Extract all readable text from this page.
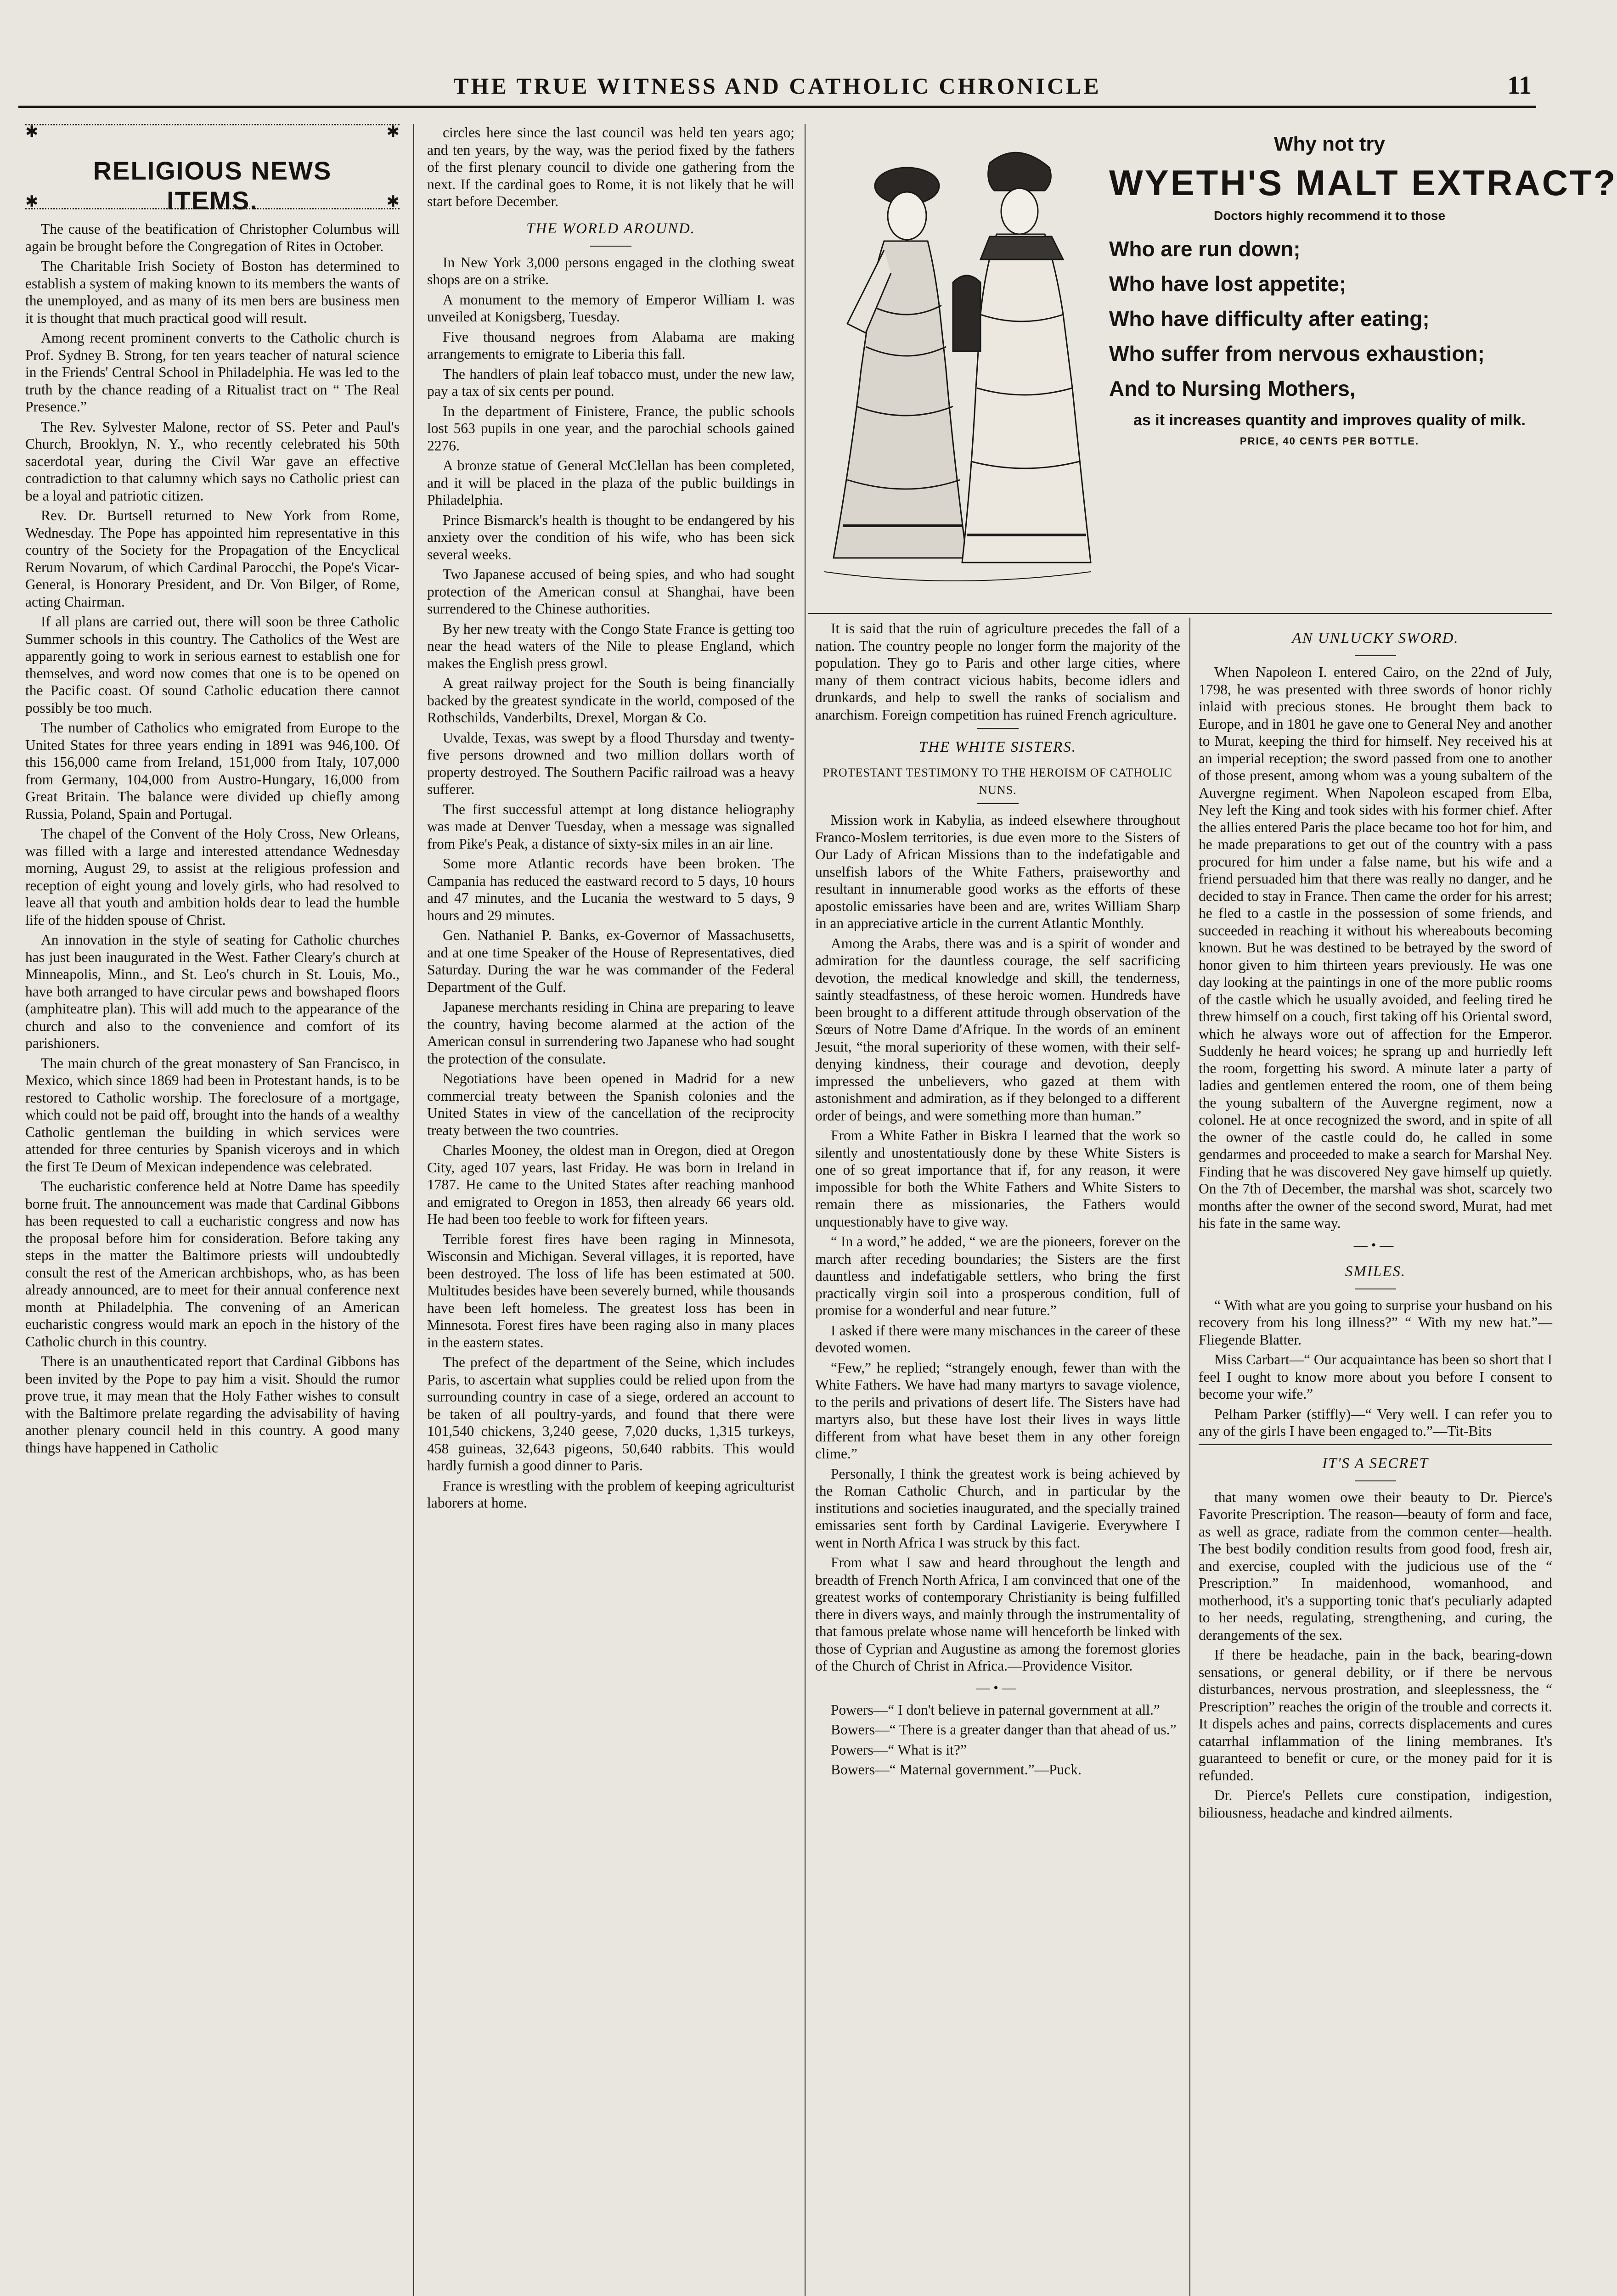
THE TRUE WITNESS AND CATHOLIC CHRONICLE	11
✱	✱
✱	✱
RELIGIOUS NEWS ITEMS.

The cause of the beatification of Christopher Columbus will again be brought before the Congregation of Rites in October.

The Charitable Irish Society of Boston has determined to establish a system of making known to its members the wants of the unemployed, and as many of its men bers are business men it is thought that much practical good will result.

Among recent prominent converts to the Catholic church is Prof. Sydney B. Strong, for ten years teacher of natural science in the Friends' Central School in Philadelphia. He was led to the truth by the chance reading of a Ritualist tract on “ The Real Presence.”

The Rev. Sylvester Malone, rector of SS. Peter and Paul's Church, Brooklyn, N. Y., who recently celebrated his 50th sacerdotal year, during the Civil War gave an effective contradiction to that calumny which says no Catholic priest can be a loyal and patriotic citizen.

Rev. Dr. Burtsell returned to New York from Rome, Wednesday. The Pope has appointed him representative in this country of the Society for the Propagation of the Encyclical Rerum Novarum, of which Cardinal Parocchi, the Pope's Vicar-General, is Honorary President, and Dr. Von Bilger, of Rome, acting Chairman.

If all plans are carried out, there will soon be three Catholic Summer schools in this country. The Catholics of the West are apparently going to work in serious earnest to establish one for themselves, and word now comes that one is to be opened on the Pacific coast. Of sound Catholic education there cannot possibly be too much.

The number of Catholics who emigrated from Europe to the United States for three years ending in 1891 was 946,100. Of this 156,000 came from Ireland, 151,000 from Italy, 107,000 from Germany, 104,000 from Austro-Hungary, 16,000 from Great Britain. The balance were divided up chiefly among Russia, Poland, Spain and Portugal.

The chapel of the Convent of the Holy Cross, New Orleans, was filled with a large and interested attendance Wednesday morning, August 29, to assist at the religious profession and reception of eight young and lovely girls, who had resolved to leave all that youth and ambition holds dear to lead the humble life of the hidden spouse of Christ.

An innovation in the style of seating for Catholic churches has just been inaugurated in the West. Father Cleary's church at Minneapolis, Minn., and St. Leo's church in St. Louis, Mo., have both arranged to have circular pews and bowshaped floors (amphiteatre plan). This will add much to the appearance of the church and also to the convenience and comfort of its parishioners.

The main church of the great monastery of San Francisco, in Mexico, which since 1869 had been in Protestant hands, is to be restored to Catholic worship. The foreclosure of a mortgage, which could not be paid off, brought into the hands of a wealthy Catholic gentleman the building in which services were attended for three centuries by Spanish viceroys and in which the first Te Deum of Mexican independence was celebrated.

The eucharistic conference held at Notre Dame has speedily borne fruit. The announcement was made that Cardinal Gibbons has been requested to call a eucharistic congress and now has the proposal before him for consideration. Before taking any steps in the matter the Baltimore priests will undoubtedly consult the rest of the American archbishops, who, as has been already announced, are to meet for their annual conference next month at Philadelphia. The convening of an American eucharistic congress would mark an epoch in the history of the Catholic church in this country.

There is an unauthenticated report that Cardinal Gibbons has been invited by the Pope to pay him a visit. Should the rumor prove true, it may mean that the Holy Father wishes to consult with the Baltimore prelate regarding the advisability of having another plenary council held in this country. A good many things have happened in Catholic

circles here since the last council was held ten years ago; and ten years, by the way, was the period fixed by the fathers of the first plenary council to divide one gathering from the next. If the cardinal goes to Rome, it is not likely that he will start before December.

THE WORLD AROUND.

In New York 3,000 persons engaged in the clothing sweat shops are on a strike.

A monument to the memory of Emperor William I. was unveiled at Konigsberg, Tuesday.

Five thousand negroes from Alabama are making arrangements to emigrate to Liberia this fall.

The handlers of plain leaf tobacco must, under the new law, pay a tax of six cents per pound.

In the department of Finistere, France, the public schools lost 563 pupils in one year, and the parochial schools gained 2276.

A bronze statue of General McClellan has been completed, and it will be placed in the plaza of the public buildings in Philadelphia.

Prince Bismarck's health is thought to be endangered by his anxiety over the condition of his wife, who has been sick several weeks.

Two Japanese accused of being spies, and who had sought protection of the American consul at Shanghai, have been surrendered to the Chinese authorities.

By her new treaty with the Congo State France is getting too near the head waters of the Nile to please England, which makes the English press growl.

A great railway project for the South is being financially backed by the greatest syndicate in the world, composed of the Rothschilds, Vanderbilts, Drexel, Morgan & Co.

Uvalde, Texas, was swept by a flood Thursday and twenty-five persons drowned and two million dollars worth of property destroyed. The Southern Pacific railroad was a heavy sufferer.

The first successful attempt at long distance heliography was made at Denver Tuesday, when a message was signalled from Pike's Peak, a distance of sixty-six miles in an air line.

Some more Atlantic records have been broken. The Campania has reduced the eastward record to 5 days, 10 hours and 47 minutes, and the Lucania the westward to 5 days, 9 hours and 29 minutes.

Gen. Nathaniel P. Banks, ex-Governor of Massachusetts, and at one time Speaker of the House of Representatives, died Saturday. During the war he was commander of the Federal Department of the Gulf.

Japanese merchants residing in China are preparing to leave the country, having become alarmed at the action of the American consul in surrendering two Japanese who had sought the protection of the consulate.

Negotiations have been opened in Madrid for a new commercial treaty between the Spanish colonies and the United States in view of the cancellation of the reciprocity treaty between the two countries.

Charles Mooney, the oldest man in Oregon, died at Oregon City, aged 107 years, last Friday. He was born in Ireland in 1787. He came to the United States after reaching manhood and emigrated to Oregon in 1853, then already 66 years old. He had been too feeble to work for fifteen years.

Terrible forest fires have been raging in Minnesota, Wisconsin and Michigan. Several villages, it is reported, have been destroyed. The loss of life has been estimated at 500. Multitudes besides have been severely burned, while thousands have been left homeless. The greatest loss has been in Minnesota. Forest fires have been raging also in many places in the eastern states.

The prefect of the department of the Seine, which includes Paris, to ascertain what supplies could be relied upon from the surrounding country in case of a siege, ordered an account to be taken of all poultry-yards, and found that there were 101,540 chickens, 3,240 geese, 7,020 ducks, 1,315 turkeys, 458 guineas, 32,643 pigeons, 50,640 rabbits. This would hardly furnish a good dinner to Paris.

France is wrestling with the problem of keeping agriculturist laborers at home.

Why not try
WYETH'S MALT EXTRACT?
Doctors highly recommend it to those
Who are run down;
Who have lost appetite;
Who have difficulty after eating;
Who suffer from nervous exhaustion;
And to Nursing Mothers,
as it increases quantity and improves quality of milk.
PRICE, 40 CENTS PER BOTTLE.

It is said that the ruin of agriculture precedes the fall of a nation. The country people no longer form the majority of the population. They go to Paris and other large cities, where many of them contract vicious habits, become idlers and drunkards, and help to swell the ranks of socialism and anarchism. Foreign competition has ruined French agriculture.

THE WHITE SISTERS.

PROTESTANT TESTIMONY TO THE HEROISM OF CATHOLIC NUNS.

Mission work in Kabylia, as indeed elsewhere throughout Franco-Moslem territories, is due even more to the Sisters of Our Lady of African Missions than to the indefatigable and unselfish labors of the White Fathers, praiseworthy and resultant in innumerable good works as the efforts of these apostolic emissaries have been and are, writes William Sharp in an appreciative article in the current Atlantic Monthly.

Among the Arabs, there was and is a spirit of wonder and admiration for the dauntless courage, the self sacrificing devotion, the medical knowledge and skill, the tenderness, saintly steadfastness, of these heroic women. Hundreds have been brought to a different attitude through observation of the Sœurs of Notre Dame d'Afrique. In the words of an eminent Jesuit, “the moral superiority of these women, with their self-denying kindness, their courage and devotion, deeply impressed the unbelievers, who gazed at them with astonishment and admiration, as if they belonged to a different order of beings, and were something more than human.”

From a White Father in Biskra I learned that the work so silently and unostentatiously done by these White Sisters is one of so great importance that if, for any reason, it were impossible for both the White Fathers and White Sisters to remain there as missionaries, the Fathers would unquestionably have to give way.

“ In a word,” he added, “ we are the pioneers, forever on the march after receding boundaries; the Sisters are the first dauntless and indefatigable settlers, who bring the first practically virgin soil into a prosperous condition, full of promise for a wonderful and near future.”

I asked if there were many mischances in the career of these devoted women.

“Few,” he replied; “strangely enough, fewer than with the White Fathers. We have had many martyrs to savage violence, to the perils and privations of desert life. The Sisters have had martyrs also, but these have lost their lives in ways little different from what have beset them in any other foreign clime.”

Personally, I think the greatest work is being achieved by the Roman Catholic Church, and in particular by the institutions and societies inaugurated, and the specially trained emissaries sent forth by Cardinal Lavigerie. Everywhere I went in North Africa I was struck by this fact.

From what I saw and heard throughout the length and breadth of French North Africa, I am convinced that one of the greatest works of contemporary Christianity is being fulfilled there in divers ways, and mainly through the instrumentality of that famous prelate whose name will henceforth be linked with those of Cyprian and Augustine as among the foremost glories of the Church of Christ in Africa.—Providence Visitor.

―•―

Powers—“ I don't believe in paternal government at all.”

Bowers—“ There is a greater danger than that ahead of us.”

Powers—“ What is it?”

Bowers—“ Maternal government.”—Puck.

AN UNLUCKY SWORD.

When Napoleon I. entered Cairo, on the 22nd of July, 1798, he was presented with three swords of honor richly inlaid with precious stones. He brought them back to Europe, and in 1801 he gave one to General Ney and another to Murat, keeping the third for himself. Ney received his at an imperial reception; the sword passed from one to another of those present, among whom was a young subaltern of the Auvergne regiment. When Napoleon escaped from Elba, Ney left the King and took sides with his former chief. After the allies entered Paris the place became too hot for him, and he made preparations to get out of the country with a pass procured for him under a false name, but his wife and a friend persuaded him that there was really no danger, and he decided to stay in France. Then came the order for his arrest; he fled to a castle in the possession of some friends, and succeeded in reaching it without his whereabouts becoming known. But he was destined to be betrayed by the sword of honor given to him thirteen years previously. He was one day looking at the paintings in one of the more public rooms of the castle which he usually avoided, and feeling tired he threw himself on a couch, first taking off his Oriental sword, which he always wore out of affection for the Emperor. Suddenly he heard voices; he sprang up and hurriedly left the room, forgetting his sword. A minute later a party of ladies and gentlemen entered the room, one of them being the young subaltern of the Auvergne regiment, now a colonel. He at once recognized the sword, and in spite of all the owner of the castle could do, he called in some gendarmes and proceeded to make a search for Marshal Ney. Finding that he was discovered Ney gave himself up quietly. On the 7th of December, the marshal was shot, scarcely two months after the owner of the second sword, Murat, had met his fate in the same way.

―•―
SMILES.

“ With what are you going to surprise your husband on his recovery from his long illness?” “ With my new hat.”—Fliegende Blatter.

Miss Carbart—“ Our acquaintance has been so short that I feel I ought to know more about you before I consent to become your wife.”

Pelham Parker (stiffly)—“ Very well. I can refer you to any of the girls I have been engaged to.”—Tit-Bits

IT'S A SECRET

that many women owe their beauty to Dr. Pierce's Favorite Prescription. The reason—beauty of form and face, as well as grace, radiate from the common center—health. The best bodily condition results from good food, fresh air, and exercise, coupled with the judicious use of the “ Prescription.” In maidenhood, womanhood, and motherhood, it's a supporting tonic that's peculiarly adapted to her needs, regulating, strengthening, and curing, the derangements of the sex.

If there be headache, pain in the back, bearing-down sensations, or general debility, or if there be nervous disturbances, nervous prostration, and sleeplessness, the “ Prescription” reaches the origin of the trouble and corrects it. It dispels aches and pains, corrects displacements and cures catarrhal inflammation of the lining membranes. It's guaranteed to benefit or cure, or the money paid for it is refunded.

Dr. Pierce's Pellets cure constipation, indigestion, biliousness, headache and kindred ailments.
